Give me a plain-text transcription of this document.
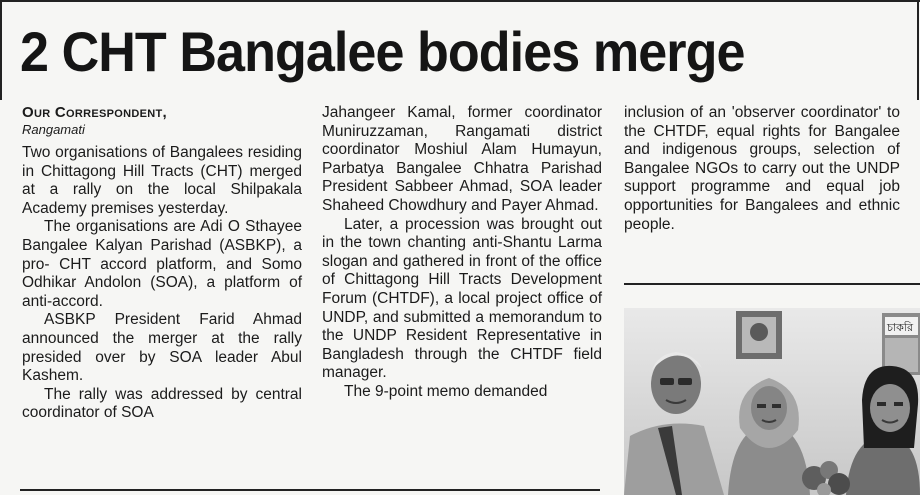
2 CHT Bangalee bodies merge
Our Correspondent,
Rangamati

Two organisations of Bangalees residing in Chittagong Hill Tracts (CHT) merged at a rally on the local Shilpakala Academy premises yesterday.

The organisations are Adi O Sthayee Bangalee Kalyan Parishad (ASBKP), a pro- CHT accord platform, and Somo Odhikar Andolon (SOA), a platform of anti-accord.

ASBKP President Farid Ahmad announced the merger at the rally presided over by SOA leader Abul Kashem.

The rally was addressed by central coordinator of SOA

Jahangeer Kamal, former coordinator Muniruzzaman, Rangamati district coordinator Moshiul Alam Humayun, Parbatya Bangalee Chhatra Parishad President Sabbeer Ahmad, SOA leader Shaheed Chowdhury and Payer Ahmad.

Later, a procession was brought out in the town chanting anti-Shantu Larma slogan and gathered in front of the office of Chittagong Hill Tracts Development Forum (CHTDF), a local project office of UNDP, and submitted a memorandum to the UNDP Resident Representative in Bangladesh through the CHTDF field manager.

The 9-point memo demanded

inclusion of an 'observer coordinator' to the CHTDF, equal rights for Bangalee and indigenous groups, selection of Bangalee NGOs to carry out the UNDP support programme and equal job opportunities for Bangalees and ethnic people.

চাকরি
